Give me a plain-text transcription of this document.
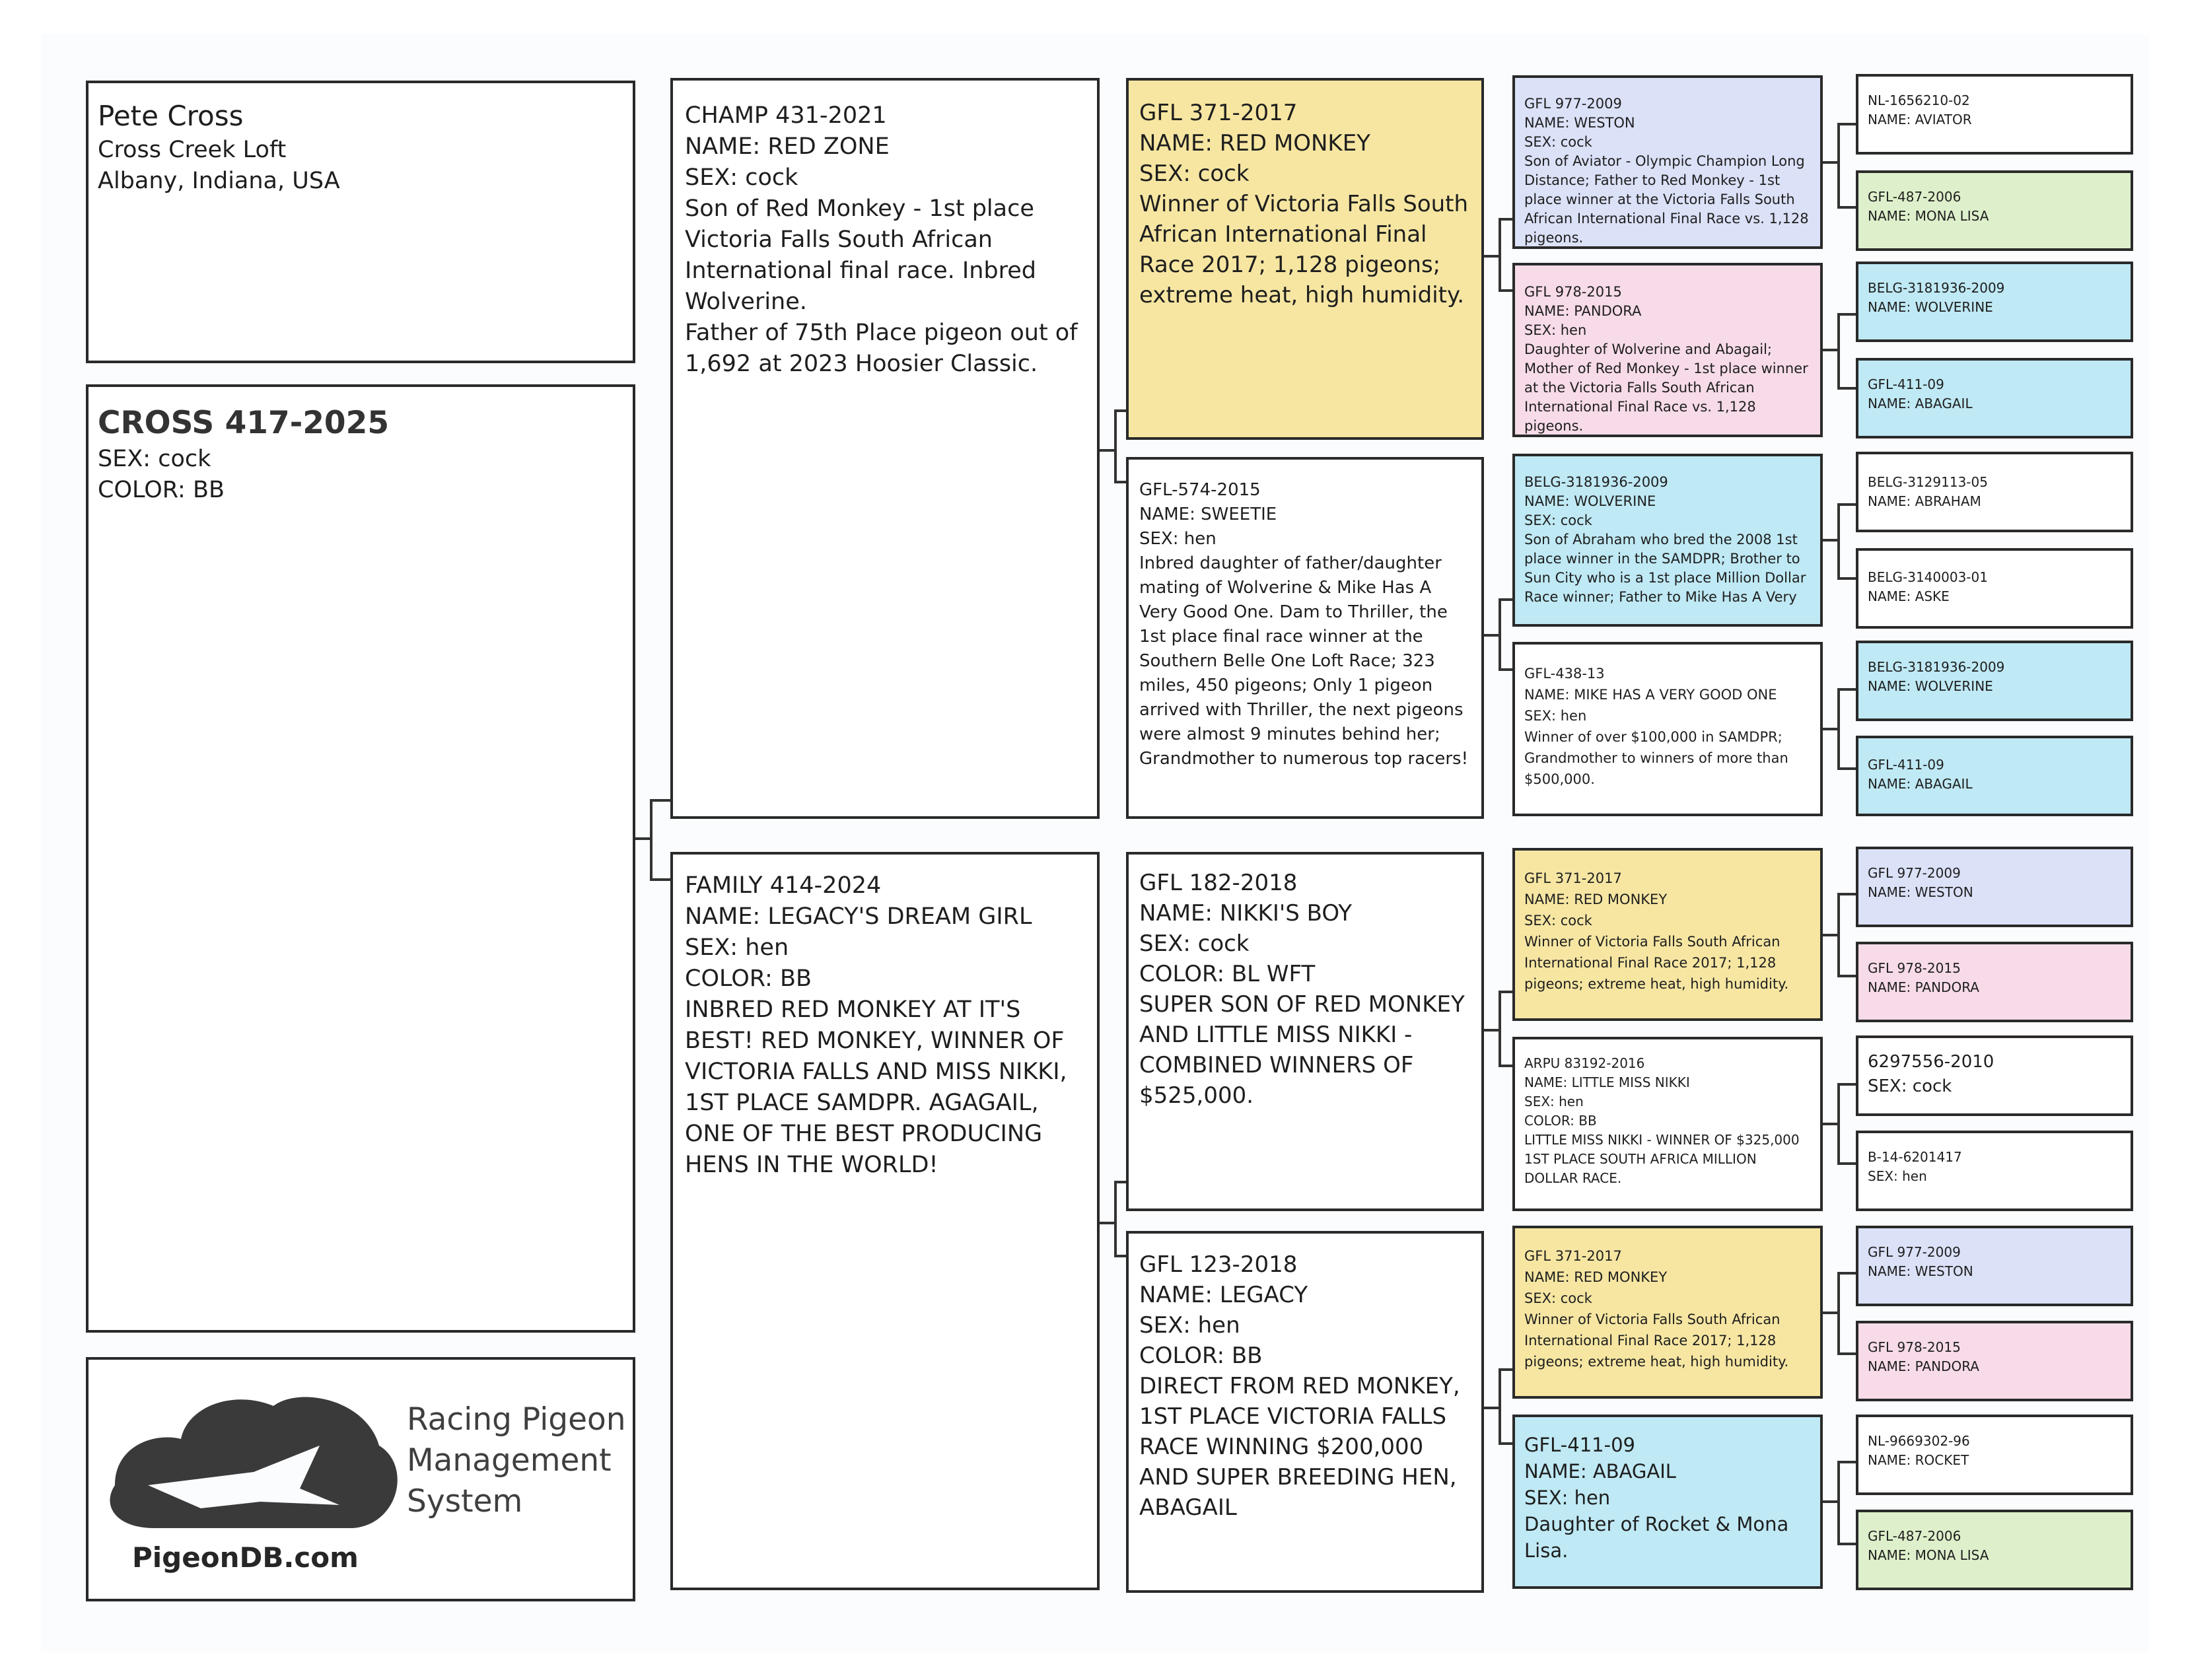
Pete Cross
Cross Creek Loft
Albany, Indiana, USA
CROSS 417-2025
SEX: cock
COLOR: BB
Racing Pigeon
Management
System
PigeonDB.com
CHAMP 431-2021
NAME: RED ZONE
SEX: cock
Son of Red Monkey - 1st place Victoria Falls South African International final race. Inbred Wolverine.
Father of 75th Place pigeon out of 1,692 at 2023 Hoosier Classic.
FAMILY 414-2024
NAME: LEGACY'S DREAM GIRL
SEX: hen
COLOR: BB
INBRED RED MONKEY AT IT'S BEST! RED MONKEY, WINNER OF VICTORIA FALLS AND MISS NIKKI, 1ST PLACE SAMDPR. AGAGAIL, ONE OF THE BEST PRODUCING HENS IN THE WORLD!
GFL 371-2017
NAME: RED MONKEY
SEX: cock
Winner of Victoria Falls South African International Final Race 2017; 1,128 pigeons; extreme heat, high humidity.
GFL-574-2015
NAME: SWEETIE
SEX: hen
Inbred daughter of father/daughter mating of Wolverine & Mike Has A Very Good One. Dam to Thriller, the 1st place final race winner at the Southern Belle One Loft Race; 323 miles, 450 pigeons; Only 1 pigeon arrived with Thriller, the next pigeons were almost 9 minutes behind her; Grandmother to numerous top racers!
GFL 182-2018
NAME: NIKKI'S BOY
SEX: cock
COLOR: BL WFT
SUPER SON OF RED MONKEY AND LITTLE MISS NIKKI - COMBINED WINNERS OF $525,000.
GFL 123-2018
NAME: LEGACY
SEX: hen
COLOR: BB
DIRECT FROM RED MONKEY, 1ST PLACE VICTORIA FALLS RACE WINNING $200,000 AND SUPER BREEDING HEN, ABAGAIL
GFL 977-2009
NAME: WESTON
SEX: cock
Son of Aviator - Olympic Champion Long Distance; Father to Red Monkey - 1st place winner at the Victoria Falls South African International Final Race vs. 1,128 pigeons.
GFL 978-2015
NAME: PANDORA
SEX: hen
Daughter of Wolverine and Abagail; Mother of Red Monkey - 1st place winner at the Victoria Falls South African International Final Race vs. 1,128 pigeons.
BELG-3181936-2009
NAME: WOLVERINE
SEX: cock
Son of Abraham who bred the 2008 1st place winner in the SAMDPR; Brother to Sun City who is a 1st place Million Dollar Race winner; Father to Mike Has A Very
GFL-438-13
NAME: MIKE HAS A VERY GOOD ONE
SEX: hen
Winner of over $100,000 in SAMDPR; Grandmother to winners of more than $500,000.
GFL 371-2017
NAME: RED MONKEY
SEX: cock
Winner of Victoria Falls South African International Final Race 2017; 1,128 pigeons; extreme heat, high humidity.
ARPU 83192-2016
NAME: LITTLE MISS NIKKI
SEX: hen
COLOR: BB
LITTLE MISS NIKKI - WINNER OF $325,000 1ST PLACE SOUTH AFRICA MILLION DOLLAR RACE.
GFL 371-2017
NAME: RED MONKEY
SEX: cock
Winner of Victoria Falls South African International Final Race 2017; 1,128 pigeons; extreme heat, high humidity.
GFL-411-09
NAME: ABAGAIL
SEX: hen
Daughter of Rocket & Mona Lisa.
NL-1656210-02
NAME: AVIATOR
GFL-487-2006
NAME: MONA LISA
BELG-3181936-2009
NAME: WOLVERINE
GFL-411-09
NAME: ABAGAIL
BELG-3129113-05
NAME: ABRAHAM
BELG-3140003-01
NAME: ASKE
BELG-3181936-2009
NAME: WOLVERINE
GFL-411-09
NAME: ABAGAIL
GFL 977-2009
NAME: WESTON
GFL 978-2015
NAME: PANDORA
6297556-2010
SEX: cock
B-14-6201417
SEX: hen
GFL 977-2009
NAME: WESTON
GFL 978-2015
NAME: PANDORA
NL-9669302-96
NAME: ROCKET
GFL-487-2006
NAME: MONA LISA
